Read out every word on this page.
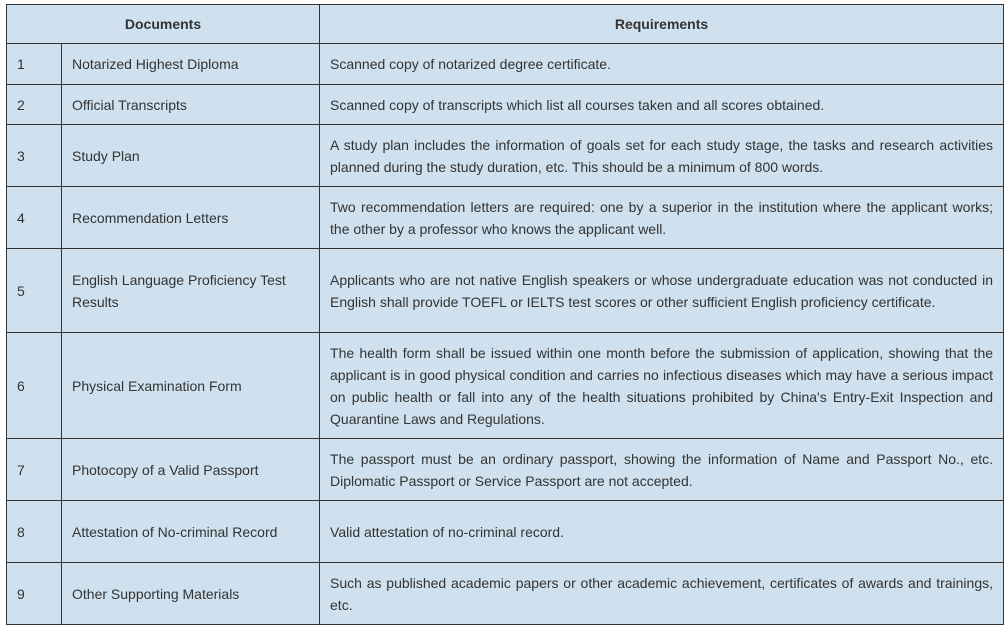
Documents		Requirements
1	Notarized Highest Diploma	Scanned copy of notarized degree certificate.
2	Official Transcripts	Scanned copy of transcripts which list all courses taken and all scores obtained.
3	Study Plan	A study plan includes the information of goals set for each study stage, the tasks and research activities planned during the study duration, etc. This should be a minimum of 800 words.
4	Recommendation Letters	Two recommendation letters are required: one by a superior in the institution where the applicant works; the other by a professor who knows the applicant well.
5	English Language Proficiency Test Results	Applicants who are not native English speakers or whose undergraduate education was not conducted in English shall provide TOEFL or IELTS test scores or other sufficient English proficiency certificate.
6	Physical Examination Form	The health form shall be issued within one month before the submission of application, showing that the applicant is in good physical condition and carries no infectious diseases which may have a serious impact on public health or fall into any of the health situations prohibited by China's Entry-Exit Inspection and Quarantine Laws and Regulations.
7	Photocopy of a Valid Passport	The passport must be an ordinary passport, showing the information of Name and Passport No., etc. Diplomatic Passport or Service Passport are not accepted.
8	Attestation of No-criminal Record	Valid attestation of no-criminal record.
9	Other Supporting Materials	Such as published academic papers or other academic achievement, certificates of awards and trainings, etc.
